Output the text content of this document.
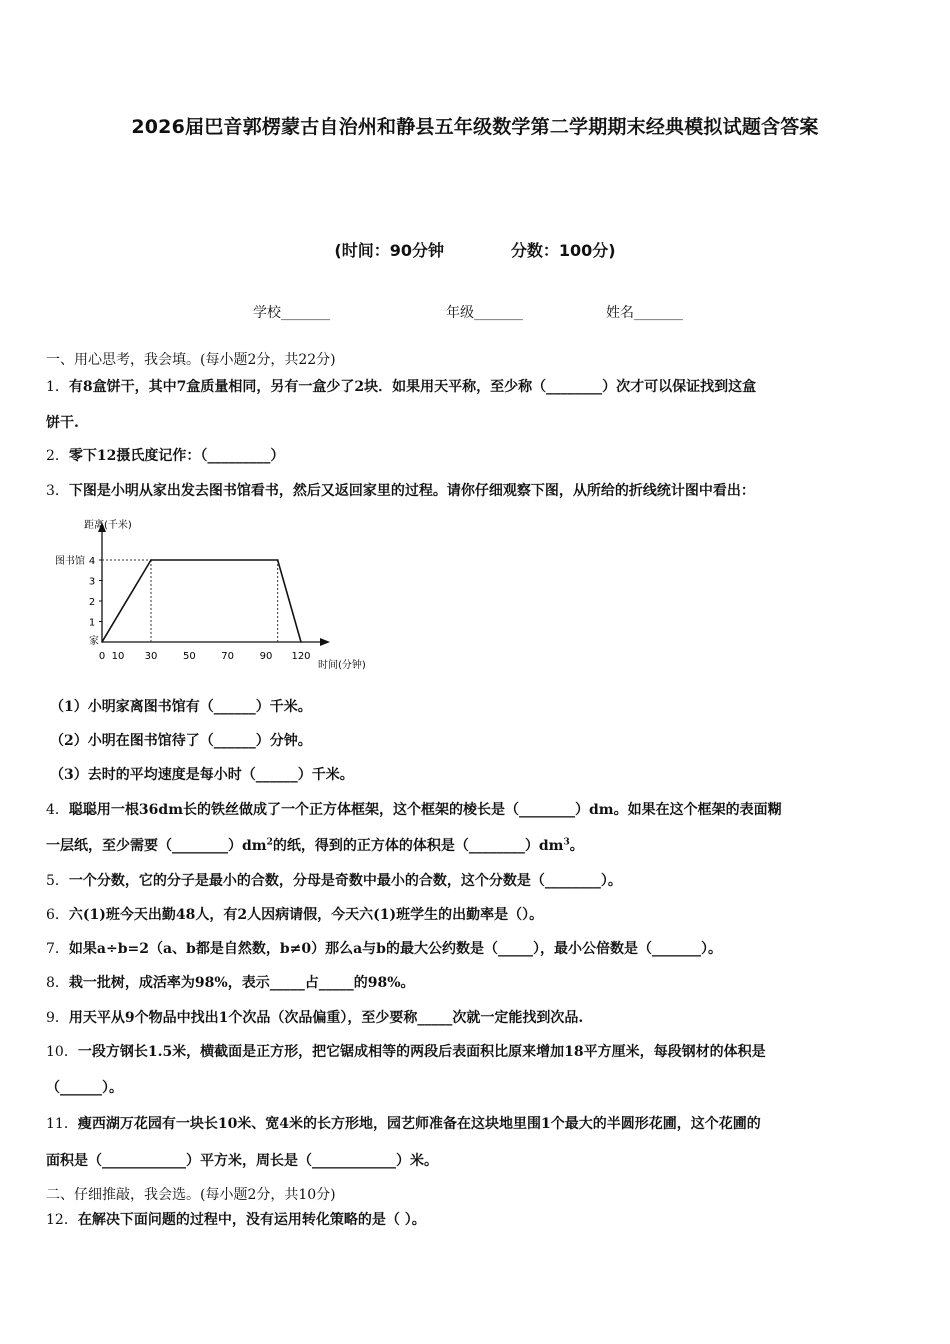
2026届巴音郭楞蒙古自治州和静县五年级数学第二学期期末经典模拟试题含答案
(时间：90分钟            分数：100分)
学校_______	年级_______	姓名_______
一、用心思考，我会填。(每小题2分，共22分)
1．有8盒饼干，其中7盒质量相同，另有一盒少了2块．如果用天平称，至少称（________）次才可以保证找到这盒
饼干.
2．零下12摄氏度记作：（_________）
3．下图是小明从家出发去图书馆看书，然后又返回家里的过程。请你仔细观察下图，从所给的折线统计图中看出：
距离(千米)
时间(分钟)
1
2
3
4
图书馆
家
0 10 30	50	70	90 120
（1）小明家离图书馆有（______）千米。
（2）小明在图书馆待了（______）分钟。
（3）去时的平均速度是每小时（______）千米。
4．聪聪用一根36dm长的铁丝做成了一个正方体框架，这个框架的棱长是（________）dm。如果在这个框架的表面糊
一层纸，至少需要$(\_\_\_\_\_\_\_\_)dm^2$的纸，得到的正方体的体积是$(\_\_\_\_\_\_\_\_)dm^3$。
5．一个分数，它的分子是最小的合数，分母是奇数中最小的合数，这个分数是（________）。
6．六(1)班今天出勤48人，有2人因病请假，今天六(1)班学生的出勤率是（）。
7．如果a÷b=2（a、b都是自然数，b≠0）那么a与b的最大公约数是（_____），最小公倍数是（_______）。
8．栽一批树，成活率为98%，表示_____占_____的98%。
9．用天平从9个物品中找出1个次品（次品偏重），至少要称_____次就一定能找到次品.
10．一段方钢长1.5米，横截面是正方形，把它锯成相等的两段后表面积比原来增加18平方厘米，每段钢材的体积是
（______）。
11．瘦西湖万花园有一块长10米、宽4米的长方形地，园艺师准备在这块地里围1个最大的半圆形花圃，这个花圃的
面积是（____________）平方米，周长是（____________）米。
二、仔细推敲，我会选。(每小题2分，共10分)
12．在解决下面问题的过程中，没有运用转化策略的是（ ）。
